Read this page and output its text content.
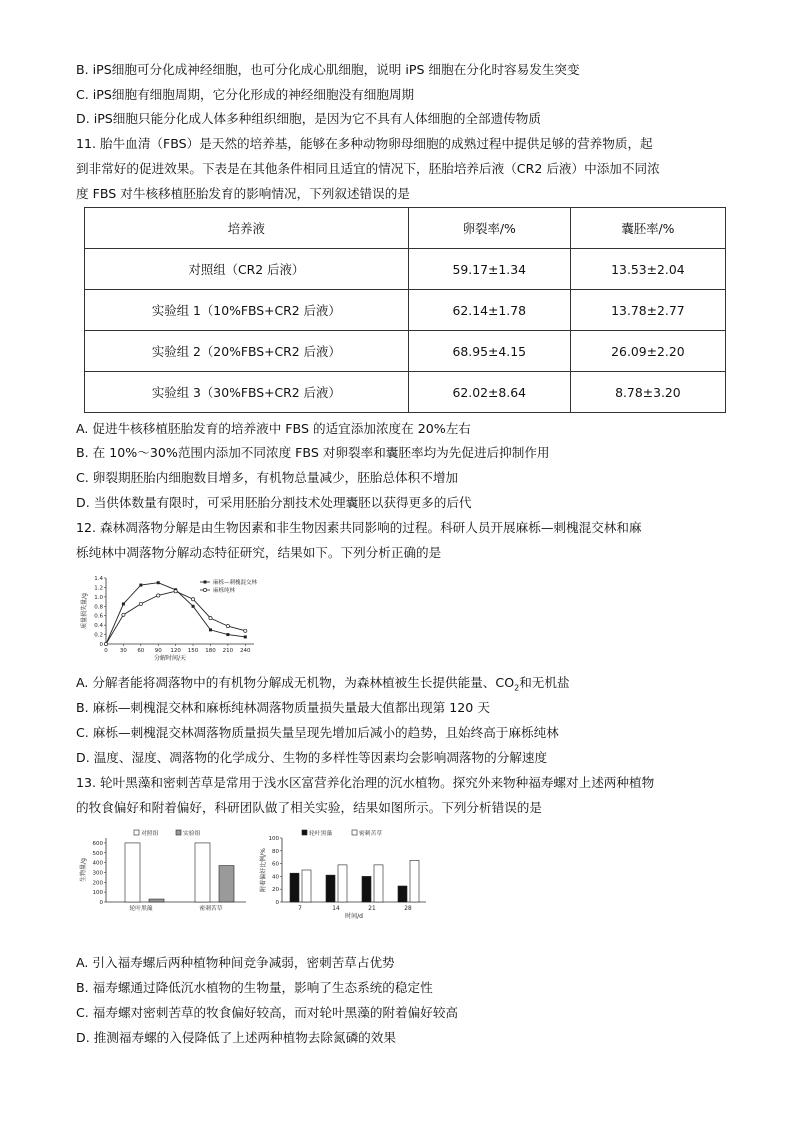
B. iPS细胞可分化成神经细胞，也可分化成心肌细胞，说明 iPS 细胞在分化时容易发生突变
C. iPS细胞有细胞周期，它分化形成的神经细胞没有细胞周期
D. iPS细胞只能分化成人体多种组织细胞，是因为它不具有人体细胞的全部遗传物质
11. 胎牛血清（FBS）是天然的培养基，能够在多种动物卵母细胞的成熟过程中提供足够的营养物质，起
到非常好的促进效果。下表是在其他条件相同且适宜的情况下，胚胎培养后液（CR2 后液）中添加不同浓
度 FBS 对牛核移植胚胎发育的影响情况，下列叙述错误的是
培养液	卵裂率/%	囊胚率/%
对照组（CR2 后液）	59.17±1.34	13.53±2.04
实验组 1（10%FBS+CR2 后液）	62.14±1.78	13.78±2.77
实验组 2（20%FBS+CR2 后液）	68.95±4.15	26.09±2.20
实验组 3（30%FBS+CR2 后液）	62.02±8.64	8.78±3.20
A. 促进牛核移植胚胎发育的培养液中 FBS 的适宜添加浓度在 20%左右
B. 在 10%～30%范围内添加不同浓度 FBS 对卵裂率和囊胚率均为先促进后抑制作用
C. 卵裂期胚胎内细胞数目增多，有机物总量减少，胚胎总体积不增加
D. 当供体数量有限时，可采用胚胎分割技术处理囊胚以获得更多的后代
12. 森林凋落物分解是由生物因素和非生物因素共同影响的过程。科研人员开展麻栎—刺槐混交林和麻
栎纯林中凋落物分解动态特征研究，结果如下。下列分析正确的是
0
0.2
0.4
0.6
0.8
1.0
1.2
1.4
0 30 60 90 120 150 180 210 240
分解时间/天
质量损失量/g
麻栎—刺槐混交林
麻栎纯林
A. 分解者能将凋落物中的有机物分解成无机物，为森林植被生长提供能量、$CO_2$和无机盐
B. 麻栎—刺槐混交林和麻栎纯林凋落物质量损失量最大值都出现第 120 天
C. 麻栎—刺槐混交林凋落物质量损失量呈现先增加后减小的趋势，且始终高于麻栎纯林
D. 温度、湿度、凋落物的化学成分、生物的多样性等因素均会影响凋落物的分解速度
13. 轮叶黑藻和密刺苦草是常用于浅水区富营养化治理的沉水植物。探究外来物种福寿螺对上述两种植物
的牧食偏好和附着偏好，科研团队做了相关实验，结果如图所示。下列分析错误的是
0
100
200
300
400
500
600
生物量/g
轮叶黑藻	密刺苦草
对照组	实验组
0
20
40
60
80
100
附着偏好比例/%
7	14	21	28
时间/d
轮叶黑藻	密刺苦草
A. 引入福寿螺后两种植物种间竞争减弱，密刺苦草占优势
B. 福寿螺通过降低沉水植物的生物量，影响了生态系统的稳定性
C. 福寿螺对密刺苦草的牧食偏好较高，而对轮叶黑藻的附着偏好较高
D. 推测福寿螺的入侵降低了上述两种植物去除氮磷的效果
